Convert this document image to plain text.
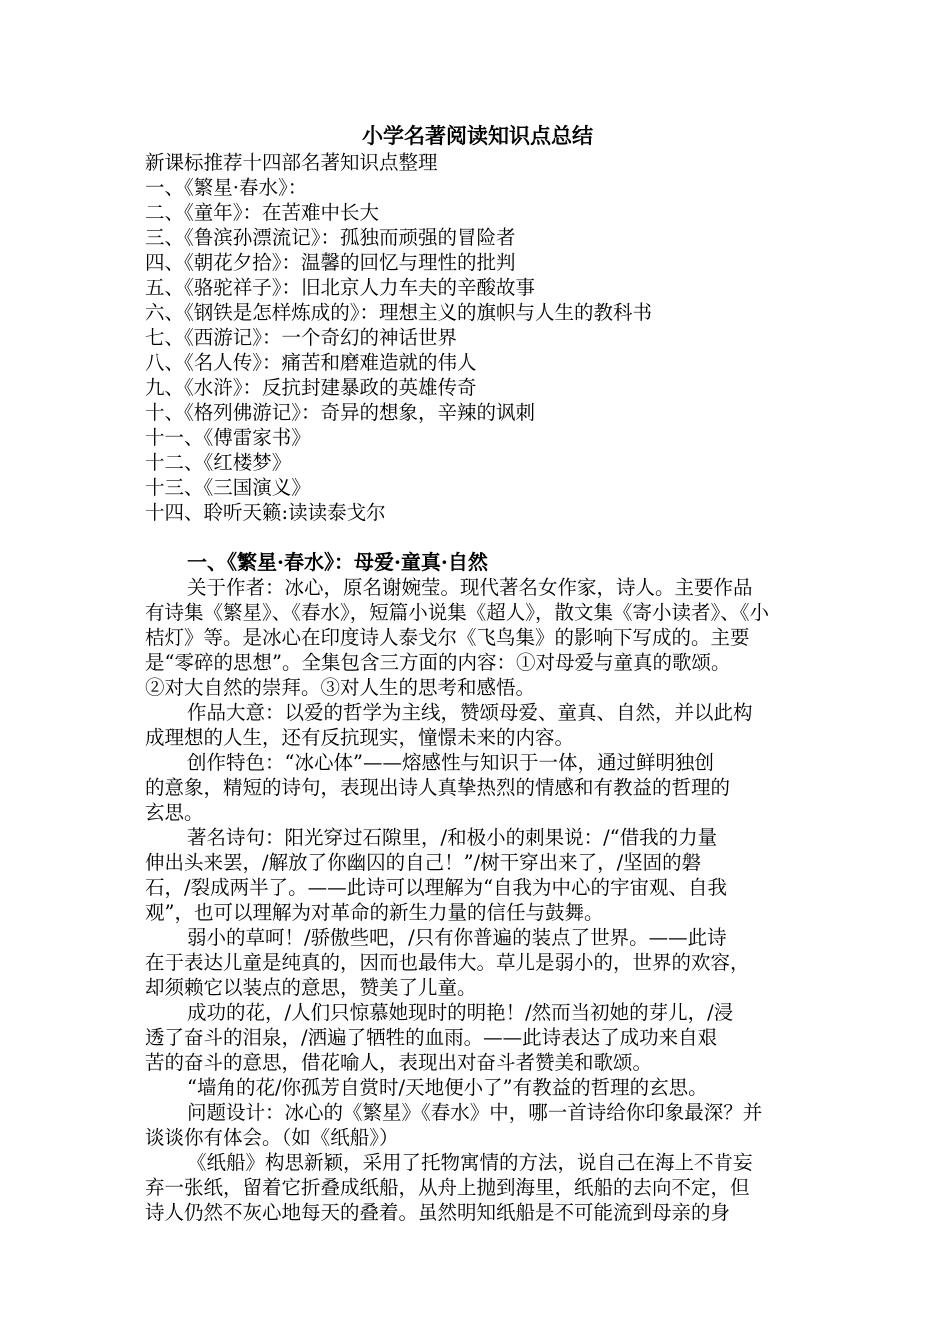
小学名著阅读知识点总结
新课标推荐十四部名著知识点整理
一、《繁星·春水》：
二、《童年》：在苦难中长大
三、《鲁滨孙漂流记》：孤独而顽强的冒险者
四、《朝花夕拾》：温馨的回忆与理性的批判
五、《骆驼祥子》：旧北京人力车夫的辛酸故事
六、《钢铁是怎样炼成的》：理想主义的旗帜与人生的教科书
七、《西游记》：一个奇幻的神话世界
八、《名人传》：痛苦和磨难造就的伟人
九、《水浒》：反抗封建暴政的英雄传奇
十、《格列佛游记》：奇异的想象，辛辣的讽刺
十一、《傅雷家书》
十二、《红楼梦》
十三、《三国演义》
十四、聆听天籁:读读泰戈尔
一、《繁星·春水》：母爱·童真·自然
关于作者：冰心，原名谢婉莹。现代著名女作家，诗人。主要作品
有诗集《繁星》、《春水》，短篇小说集《超人》，散文集《寄小读者》、《小
桔灯》等。是冰心在印度诗人泰戈尔《飞鸟集》的影响下写成的。主要
是“零碎的思想”。全集包含三方面的内容：①对母爱与童真的歌颂。
②对大自然的崇拜。③对人生的思考和感悟。
作品大意：以爱的哲学为主线，赞颂母爱、童真、自然，并以此构
成理想的人生，还有反抗现实，憧憬未来的内容。
创作特色：“冰心体”——熔感性与知识于一体，通过鲜明独创
的意象，精短的诗句，表现出诗人真挚热烈的情感和有教益的哲理的
玄思。
著名诗句：阳光穿过石隙里，/和极小的刺果说：/“借我的力量
伸出头来罢，/解放了你幽囚的自己！”/树干穿出来了，/坚固的磐
石，/裂成两半了。——此诗可以理解为“自我为中心的宇宙观、自我
观”，也可以理解为对革命的新生力量的信任与鼓舞。
弱小的草呵！/骄傲些吧，/只有你普遍的装点了世界。——此诗
在于表达儿童是纯真的，因而也最伟大。草儿是弱小的，世界的欢容，
却须赖它以装点的意思，赞美了儿童。
成功的花，/人们只惊慕她现时的明艳！/然而当初她的芽儿，/浸
透了奋斗的泪泉，/洒遍了牺牲的血雨。——此诗表达了成功来自艰
苦的奋斗的意思，借花喻人，表现出对奋斗者赞美和歌颂。
“墙角的花/你孤芳自赏时/天地便小了”有教益的哲理的玄思。
问题设计：冰心的《繁星》《春水》中，哪一首诗给你印象最深？并
谈谈你有体会。（如《纸船》）
《纸船》构思新颖，采用了托物寓情的方法，说自己在海上不肯妄
弃一张纸，留着它折叠成纸船，从舟上抛到海里，纸船的去向不定，但
诗人仍然不灰心地每天的叠着。虽然明知纸船是不可能流到母亲的身
